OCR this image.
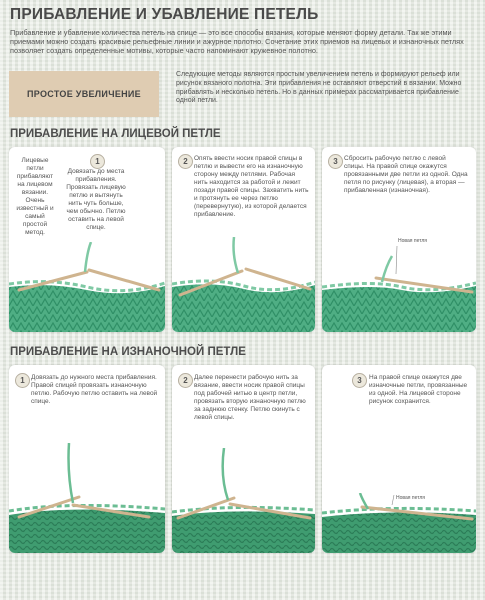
ПРИБАВЛЕНИЕ И УБАВЛЕНИЕ ПЕТЕЛЬ
Прибавление и убавление количества петель на спице — это все способы вязания, которые меняют форму детали. Так же этими приемами можно создать красивые рельефные линии и ажурное полотно. Сочетание этих приемов на лицевых и изнаночных петлях позволяет создать определенные мотивы, которые часто напоминают кружевное полотно.
ПРОСТОЕ УВЕЛИЧЕНИЕ
Следующие методы являются простым увеличением петель и формируют рельеф или рисунок вязаного полотна. Эти прибавления не оставляют отверстий в вязании. Можно прибавлять и несколько петель. Но в данных примерах рассматривается прибавление одной петли.
ПРИБАВЛЕНИЕ НА ЛИЦЕВОЙ ПЕТЛЕ
Лицевые петли прибавляют на лицевом вязании. Очень известный и самый простой метод.
1
Довязать до места прибавления. Провязать лицевую петлю и вытянуть нить чуть больше, чем обычно. Петлю оставить на левой спице.
2 Опять ввести носик правой спицы в петлю и вывести его на изнаночную сторону между петлями. Рабочая нить находится за работой и лежит позади правой спицы. Захватить нить и протянуть ее через петлю (перевернутую), из которой делается прибавление.
3 Сбросить рабочую петлю с левой спицы. На правой спице окажутся провязанными две петли из одной. Одна петля по рисунку (лицевая), а вторая — прибавленная (изнаночная).
Новая петля
ПРИБАВЛЕНИЕ НА ИЗНАНОЧНОЙ ПЕТЛЕ
1 Довязать до нужного места прибавления. Правой спицей провязать изнаночную петлю. Рабочую петлю оставить на левой спице.
2 Далее перенести рабочую нить за вязание, ввести носик правой спицы под рабочей нитью в центр петли, провязать вторую изнаночную петлю за заднюю стенку. Петлю скинуть с левой спицы.
3	На правой спице окажутся две изначочные петли, провязанные из одной. На лицевой стороне рисунок сохранится.
Новая петля
